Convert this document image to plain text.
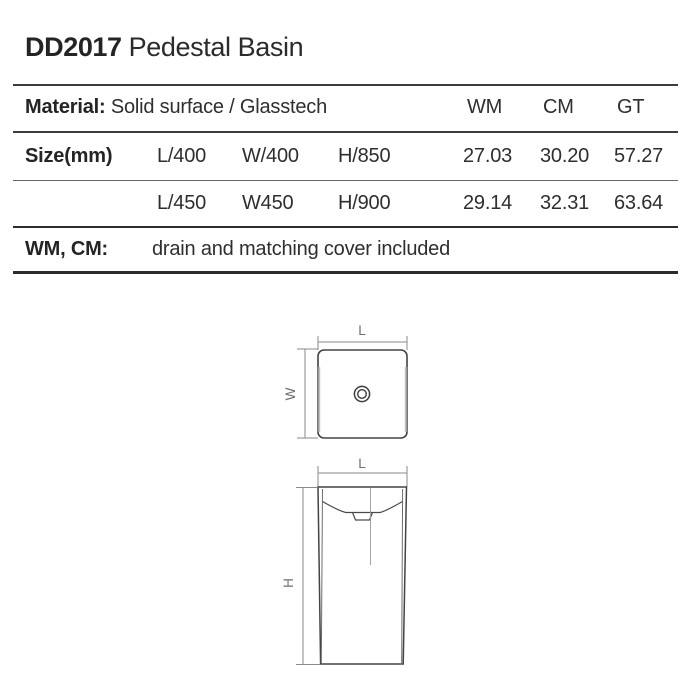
DD2017 Pedestal Basin
Material: Solid surface / Glasstech	WM CM GT
Size(mm) L/400 W/400 H/850	27.03 30.20 57.27
L/450 W450 H/900	29.14 32.31 63.64
WM, CM: drain and matching cover included
L
W
L
H
